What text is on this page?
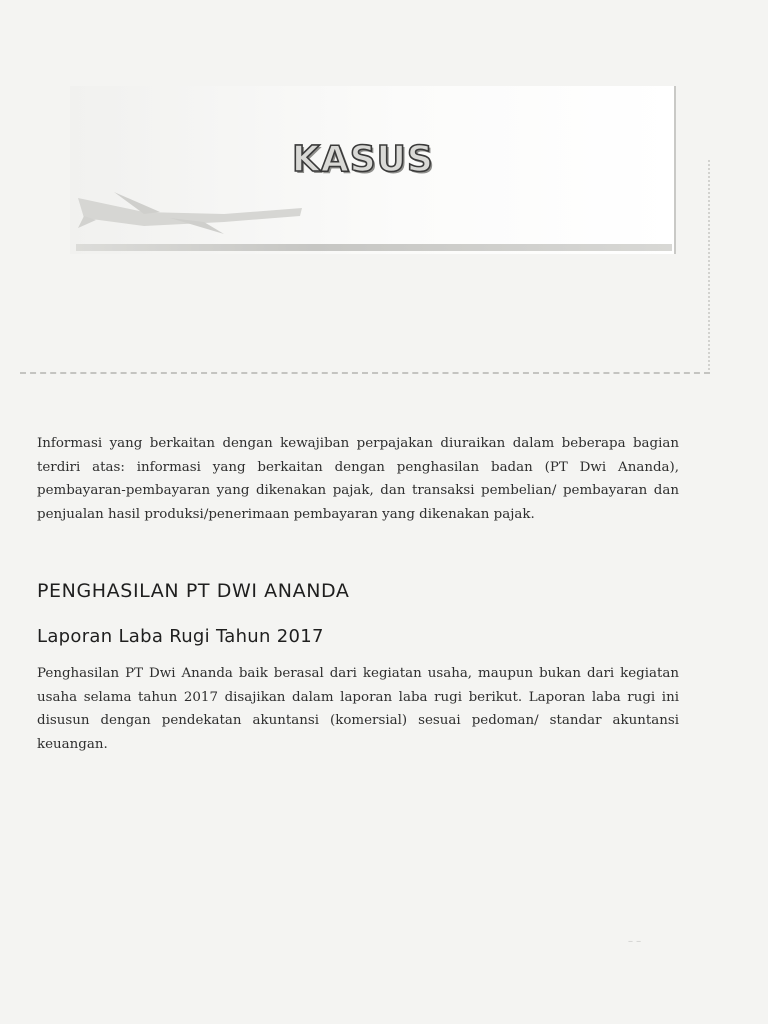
KASUS

Informasi yang berkaitan dengan kewajiban perpajakan diuraikan dalam beberapa bagian terdiri atas: informasi yang berkaitan dengan penghasilan badan (PT Dwi Ananda), pembayaran-pembayaran yang dikenakan pajak, dan transaksi pembelian/ pembayaran dan penjualan hasil produksi/penerimaan pembayaran yang dikenakan pajak.

PENGHASILAN PT DWI ANANDA
Laporan Laba Rugi Tahun 2017

Penghasilan PT Dwi Ananda baik berasal dari kegiatan usaha, maupun bukan dari kegiatan usaha selama tahun 2017 disajikan dalam laporan laba rugi berikut. Laporan laba rugi ini disusun dengan pendekatan akuntansi (komersial) sesuai pedoman/ standar akuntansi keuangan.

– –
